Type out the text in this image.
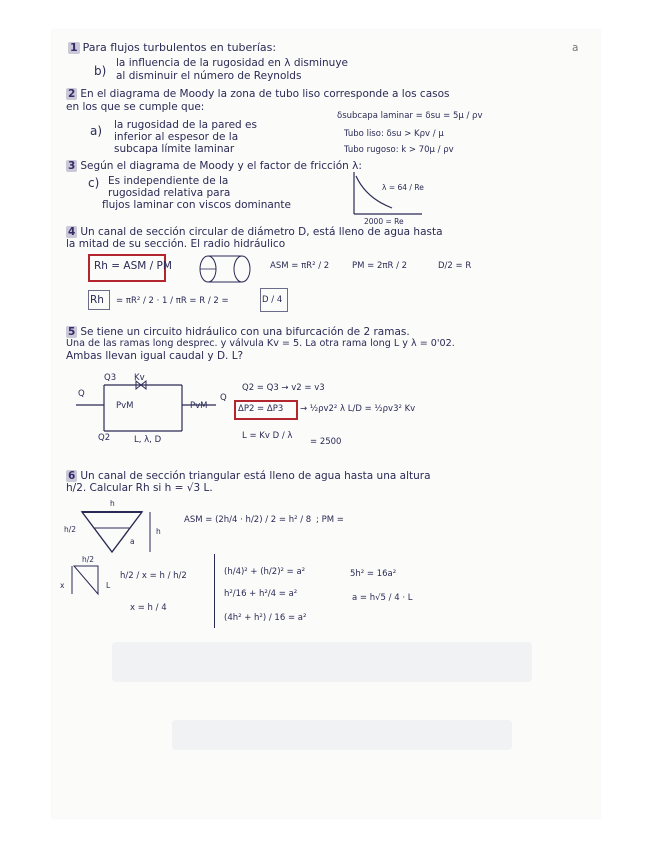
a
1 Para flujos turbulentos en tuberías:
b)
la influencia de la rugosidad en λ disminuye
al disminuir el número de Reynolds
2 En el diagrama de Moody la zona de tubo liso corresponde a los casos
en los que se cumple que:
a) la rugosidad de la pared es
inferior al espesor de la
subcapa límite laminar
δsubcapa laminar = δsu = 5μ / ρv
Tubo liso: δsu > Kρv / μ
Tubo rugoso: k > 70μ / ρv
3 Según el diagrama de Moody y el factor de fricción λ:
c) Es independiente de la
rugosidad relativa para
flujos laminar con viscos dominante
λ = 64 / Re
2000 = Re
4 Un canal de sección circular de diámetro D, está lleno de agua hasta
la mitad de su sección. El radio hidráulico
Rh = ASM / PM	ASM = πR² / 2	PM = 2πR / 2	D/2 = R
Rh = πR² / 2 · 1 / πR = R / 2 =	D / 4
5 Se tiene un circuito hidráulico con una bifurcación de 2 ramas.
Una de las ramas long desprec. y válvula Kv = 5. La otra rama long L y λ = 0'02.
Ambas llevan igual caudal y D. L?
Q
Q3 Kv
PvM	PvM
Q
Q2	L, λ, D
Q2 = Q3 → v2 = v3
ΔP2 = ΔP3 → ½ρv2² λ L/D = ½ρv3² Kv
L = Kv D / λ
= 2500
6 Un canal de sección triangular está lleno de agua hasta una altura
h/2. Calcular Rh si h = √3 L.
h
h/2	h
a
ASM = (2h/4 · h/2) / 2 = h² / 8 ; PM =
h/2
x	L
h/2 / x = h / h/2
x = h / 4
(h/4)² + (h/2)² = a²
h²/16 + h²/4 = a²
(4h² + h²) / 16 = a²
5h² = 16a²
a = h√5 / 4 · L
